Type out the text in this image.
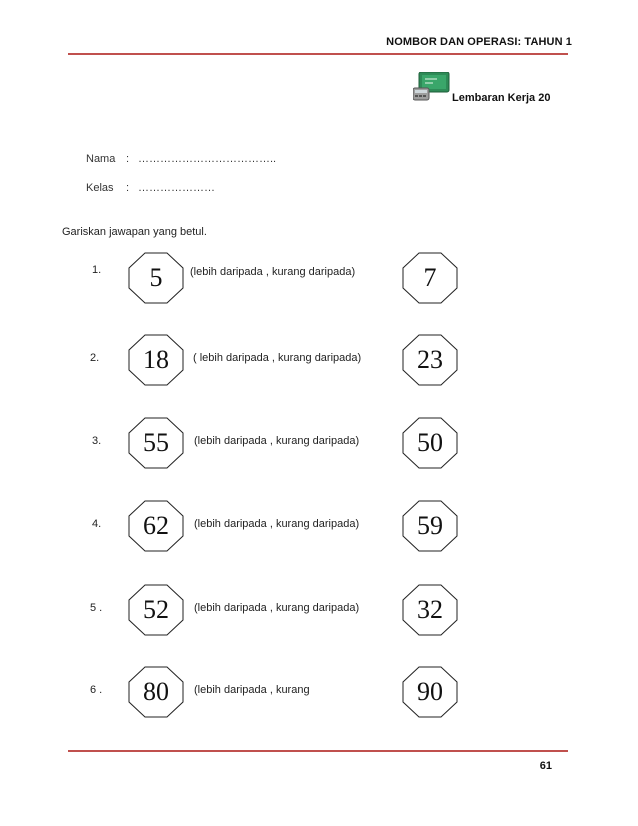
NOMBOR DAN OPERASI: TAHUN 1
Lembaran Kerja 20
Nama : ………………………………..
Kelas : …………………
Gariskan jawapan yang betul.
1.	5	(lebih daripada , kurang daripada)	7
2.	18	( lebih daripada , kurang daripada)	23
3.	55	(lebih daripada , kurang daripada)	50
4.	62	(lebih daripada , kurang daripada)	59
5 .	52	(lebih daripada , kurang daripada)	32
6 .	80	(lebih daripada , kurang	90
61
